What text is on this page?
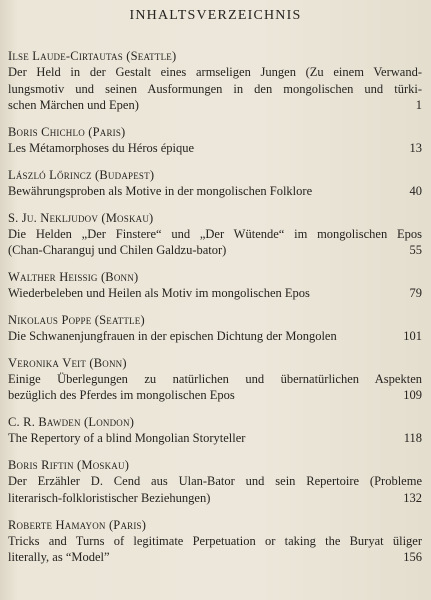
INHALTSVERZEICHNIS
Ilse Laude-Cirtautas (Seattle)
Der Held in der Gestalt eines armseligen Jungen (Zu einem Verwand-
lungsmotiv und seinen Ausformungen in den mongolischen und türki-
schen Märchen und Epen)	1
Boris Chichlo (Paris)
Les Métamorphoses du Héros épique	13
László Lőrincz (Budapest)
Bewährungsproben als Motive in der mongolischen Folklore	40
S. Ju. Nekljudov (Moskau)
Die Helden „Der Finstere“ und „Der Wütende“ im mongolischen Epos
(Chan-Charanguj und Chilen Galdzu-bator)	55
Walther Heissig (Bonn)
Wiederbeleben und Heilen als Motiv im mongolischen Epos	79
Nikolaus Poppe (Seattle)
Die Schwanenjungfrauen in der epischen Dichtung der Mongolen	101
Veronika Veit (Bonn)
Einige Überlegungen zu natürlichen und übernatürlichen Aspekten
bezüglich des Pferdes im mongolischen Epos	109
C. R. Bawden (London)
The Repertory of a blind Mongolian Storyteller	118
Boris Riftin (Moskau)
Der Erzähler D. Cend aus Ulan-Bator und sein Repertoire (Probleme
literarisch-folkloristischer Beziehungen)	132
Roberte Hamayon (Paris)
Tricks and Turns of legitimate Perpetuation or taking the Buryat üliger
literally, as “Model”	156
